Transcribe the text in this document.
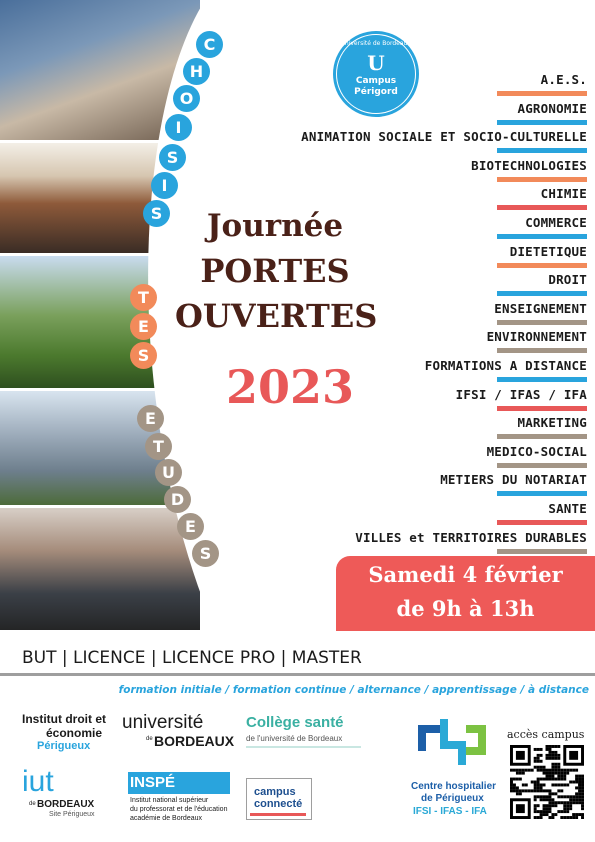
C
H
O
I
S
I
S
T
E
S
E
T
U
D
E
S
université de Bordeaux
U
Campus
Périgord
Journée
PORTES
OUVERTES
2023
A.E.S.
AGRONOMIE
ANIMATION SOCIALE ET SOCIO-CULTURELLE
BIOTECHNOLOGIES
CHIMIE
COMMERCE
DIETETIQUE
DROIT
ENSEIGNEMENT
ENVIRONNEMENT
FORMATIONS A DISTANCE
IFSI / IFAS / IFA
MARKETING
MEDICO-SOCIAL
METIERS DU NOTARIAT
SANTE
VILLES et TERRITOIRES DURABLES
Samedi 4 février
de 9h à 13h
BUT | LICENCE | LICENCE PRO | MASTER
formation initiale / formation continue / alternance / apprentissage / à distance
Institut droit et
économie
Périgueux
université
de BORDEAUX
Collège santé
de l'université de Bordeaux
Centre hospitalier
de Périgueux
IFSI - IFAS - IFA
accès campus
iut
de BORDEAUX
Site Périgueux
INSPÉ
Institut national supérieur
du professorat et de l'éducation
académie de Bordeaux
campus
connecté
